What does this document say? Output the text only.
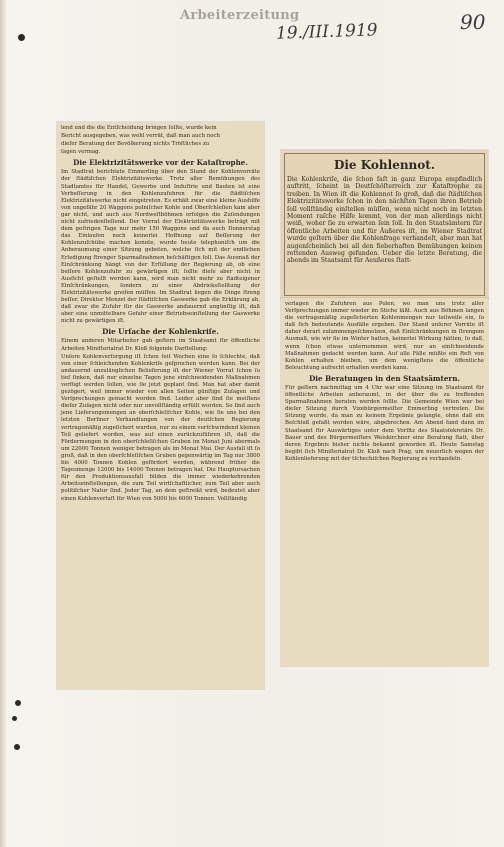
Arbeiterzeitung
19./III.1919	90

lend und die die Entſcheidung bringen ſollte, wurde kein

Bericht ausgegeben, was wohl verrät, daß man auch noch

dieſer Beratung der Bevölkerung nichts Tröſtliches zu

ſagen vermag.

Die Elektrizitätswerke vor der Kataſtrophe.

Im Stadtrat berichtete Emmerling über den Stand der Kohlenvorräte der ſtädtiſchen Elektrizitätswerke. Trotz aller Bemühungen des Stadtamtes für Handel, Gewerbe und Induſtrie und Bauten ist eine Verbeſſerung in den Kohlenzufuhren für die ſtädtiſchen Elektrizitätswerke nicht eingetreten. Es erhält zwar eine kleine Aushilfe von ungefähr 20 Waggons polniſcher Kohle und Oberſchleſien kam aber gar nicht, und auch aus Nordweſtböhmen erfolgen die Zuſendungen nicht zufriedenſtellend. Der Vorrat der Elektrizitätswerke beträgt mit dem geſtrigen Tage nur mehr 150 Waggons und da auch Donnerstag das Einlaufen noch keinerlei Hoffnung auf Beſſerung der Kohlenzuſchübe machen konnte, wurde heute telephoniſch um die Anberaumung einer Sitzung gebeten, welche ſich mit der endlichen Erledigung ſtrenger Sparmaßnahmen beſchäftigen ſoll. Das Ausmaß der Einſchränkung hängt von der Erfüllung der Regierung ab, ob eine beſſere Kohlenzufuhr zu gewärtigen iſt; ſollte dieſe aber nicht in Ausſicht geſtellt werden kann, wird man nicht mehr zu ſtadteigener Einſchränkungen, ſondern zu einer Abdrieksſtelltung der Elektrizitätswerke greifen müſſen. Im Stadtrat liegen die Dinge ſtreng beſſer. Direktor Menzel der ſtädtiſchen Gaswerke gab die Erklärung ab, daß zwar die Zufuhr für die Gaswerke andauernd ungünſtig iſt, daß aber eine unmittelbare Gefahr einer Betriebseinſtellung der Gaswerke nicht zu gewärtigen iſt.

Die Urſache der Kohlenkriſe.

Einem anderen Mitarbeiter gab geſtern im Staatsamt für öffentliche Arbeiten Miniſterialrat Dr. Kloß folgende Darſtellung:

Unſere Kohlenverſorgung iſt ſchon ſeit Wochen eine ſo ſchlechte, daß von einer ſchleichenden Kohlenkriſe geſprochen werden kann. Bei der andauernd unzulänglichen Belieferung iſt der Wiener Vorrat ſchon ſo tief ſinken, daß nur einzelne Tagen jene einſchneidenden Maßnahmen verfügt werden ſollen, wie ſie jetzt geplant ſind. Man hat aber damit gezögert, weil immer wieder von allen Seiten günſtige Zuſagen und Verſprechungen gemacht worden ſind. Leider aber ſind ſie meiſtens dieſer Zuſagen nicht oder nur unvollſtändig erfüllt worden. So ſind auch jene Lieferungsmengen an oberſchleſiſcher Kohle, wie ſie uns bei den letzten Berliner Verhandlungen von der deutſchen Regierung vertragsmäßig zugeſichert wurden, nur zu einem verſchwindend kleinen Teil geliefert worden, was auf einen zurückzuführen iſt, daß die Fördermengen in den oberſchleſiſchen Gruben im Monat Juni abermals um 22000 Tonnen weniger betragen als im Monat Mai. Der Ausfall iſt ſo groß, daß in den oberſchleſiſchen Gruben gegenwärtig im Tag nur 3800 bis 4000 Tonnen Kohlen gefördert werden, während früher die Tagesmenge 12000 bis 14000 Tonnen betragen hat. Die Hauptursachen für den Produktionsausfall bilden die immer wiederkehrenden Arbeitseinſtellungen, die zum Teil wirtſchaftlicher, zum Teil aber auch politiſcher Natur ſind. Jeder Tag, an dem geſtreikt wird, bedeutet aber einen Kohlenverluſt für Wien von 5000 bis 6000 Tonnen. Vollſtändig

Die Kohlennot.

Die Kohlenkriſe, die ſchon faſt in ganz Europa empfindlich auftritt, ſcheint in Deutſchöſterreich zur Kataſtrophe zu treiben. In Wien iſt die Kohlennot ſo groß, daß die ſtädtiſchen Elektrizitätswerke ſchon in den nächſten Tagen ihren Betrieb ſoll vollſtändig einſtellen müſſen, wenn nicht noch im letzten Moment raſche Hilfe kommt, von der man allerdings nicht weiß, woher ſie zu erwarten ſein ſoll. In den Staatsämtern für öffentliche Arbeiten und für Äußeres iſt, im Wiener Stadtrat wurde geſtern über die Kohlenfrage verhandelt, aber man hat augenſcheinlich bei all den fieberhaften Bemühungen keinen rettenden Ausweg gefunden. Ueber die letzte Beratung, die abends im Staatsamt für Aeußeres ſtatt-

verlagen die Zufuhren aus Polen, wo man uns trotz aller Verſprechungen immer wieder im Stiche läßt. Auch aus Böhmen langen die vertragsmäßig zugeſicherten Kohlenmengen nur teilweiſe ein, ſo daß ſich bedeutende Ausfälle ergeben. Der Stand unſerer Vorräte iſt daher derart zuſammengeſchmolzen, daß Einſchränkungen in ſtrengem Ausmaß, wie wir ſie im Winter hatten, keinerlei Wirkung hätten, ſo daß, wenn ſchon etwas unternommen wird, nur an einſchneidende Maßnahmen gedacht werden kann. Auf alle Fälle müßte ein Reſt von Kohlen erhalten bleiben, um dem wenigſtens die öffentliche Beleuchtung aufrecht erhalten werden kann.

Die Beratungen in den Staatsämtern.

Für geſtern nachmittag um 4 Uhr war eine Sitzung im Staatsamt für öffentliche Arbeiten anberaumt, in der über die zu treffenden Sparmaßnahmen beraten werden ſollte. Die Gemeinde Wien war bei dieſer Sitzung durch Vizebürgermeiſter Emmerling vertreten. Die Sitzung wurde, da man zu keinem Ergebnis gelangte, ohne daß ein Beſchluß gefaßt worden wäre, abgebrochen. Am Abend fand dann im Staatsamt für Auswärtiges unter dem Vorſitz des Staatsſekretärs Dr. Bauer und des Bürgermeiſters Weiskirchner eine Beratung ſtatt, über deren Ergebnis bisher nichts bekannt geworden iſt. Heute Samstag begibt ſich Miniſterialrat Dr. Kloß nach Prag, um neuerlich wegen der Kohlenlieferung mit der tſchechiſchen Regierung zu verhandeln.
